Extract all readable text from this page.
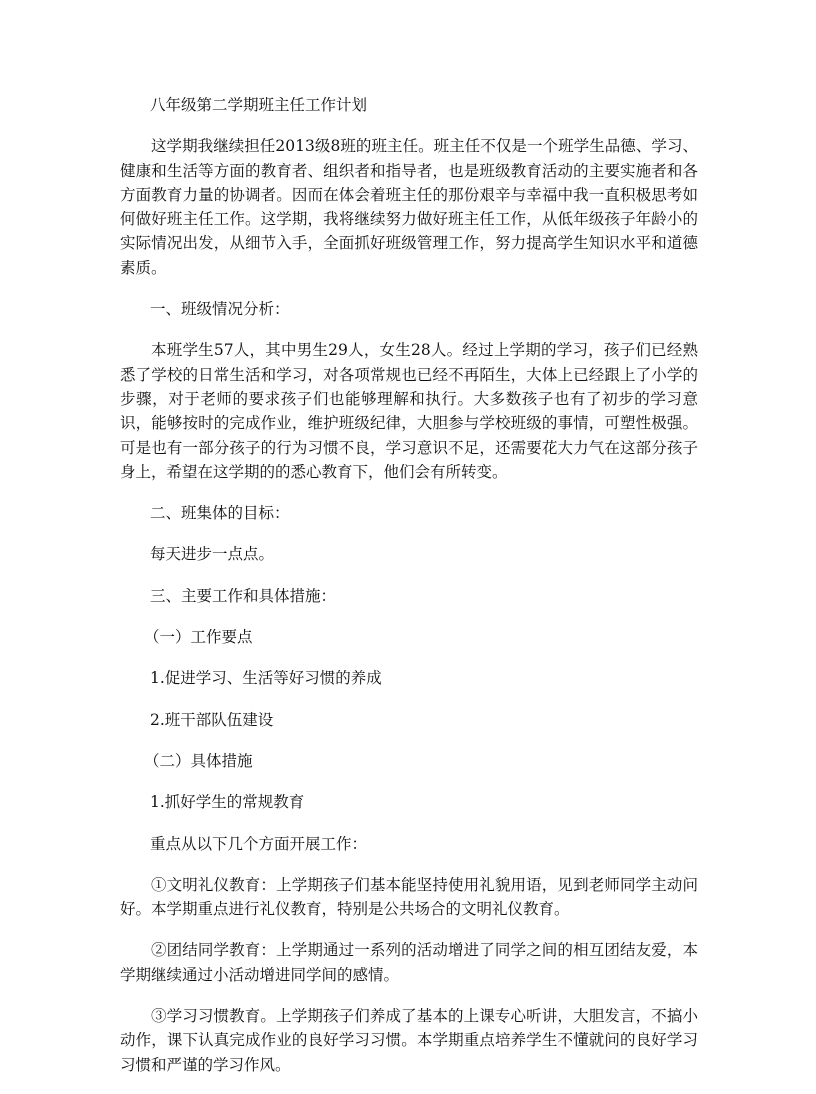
八年级第二学期班主任工作计划

这学期我继续担任2013级8班的班主任。班主任不仅是一个班学生品德、学习、健康和生活等方面的教育者、组织者和指导者，也是班级教育活动的主要实施者和各方面教育力量的协调者。因而在体会着班主任的那份艰辛与幸福中我一直积极思考如何做好班主任工作。这学期，我将继续努力做好班主任工作，从低年级孩子年龄小的实际情况出发，从细节入手，全面抓好班级管理工作，努力提高学生知识水平和道德素质。

一、班级情况分析：

本班学生57人，其中男生29人，女生28人。经过上学期的学习，孩子们已经熟悉了学校的日常生活和学习，对各项常规也已经不再陌生，大体上已经跟上了小学的步骤，对于老师的要求孩子们也能够理解和执行。大多数孩子也有了初步的学习意识，能够按时的完成作业，维护班级纪律，大胆参与学校班级的事情，可塑性极强。可是也有一部分孩子的行为习惯不良，学习意识不足，还需要花大力气在这部分孩子身上，希望在这学期的的悉心教育下，他们会有所转变。

二、班集体的目标：

每天进步一点点。

三、主要工作和具体措施：

（一）工作要点

1.促进学习、生活等好习惯的养成

2.班干部队伍建设

（二）具体措施

1.抓好学生的常规教育

重点从以下几个方面开展工作：

①文明礼仪教育：上学期孩子们基本能坚持使用礼貌用语，见到老师同学主动问好。本学期重点进行礼仪教育，特别是公共场合的文明礼仪教育。

②团结同学教育：上学期通过一系列的活动增进了同学之间的相互团结友爱，本学期继续通过小活动增进同学间的感情。

③学习习惯教育。上学期孩子们养成了基本的上课专心听讲，大胆发言，不搞小动作，课下认真完成作业的良好学习习惯。本学期重点培养学生不懂就问的良好学习习惯和严谨的学习作风。
